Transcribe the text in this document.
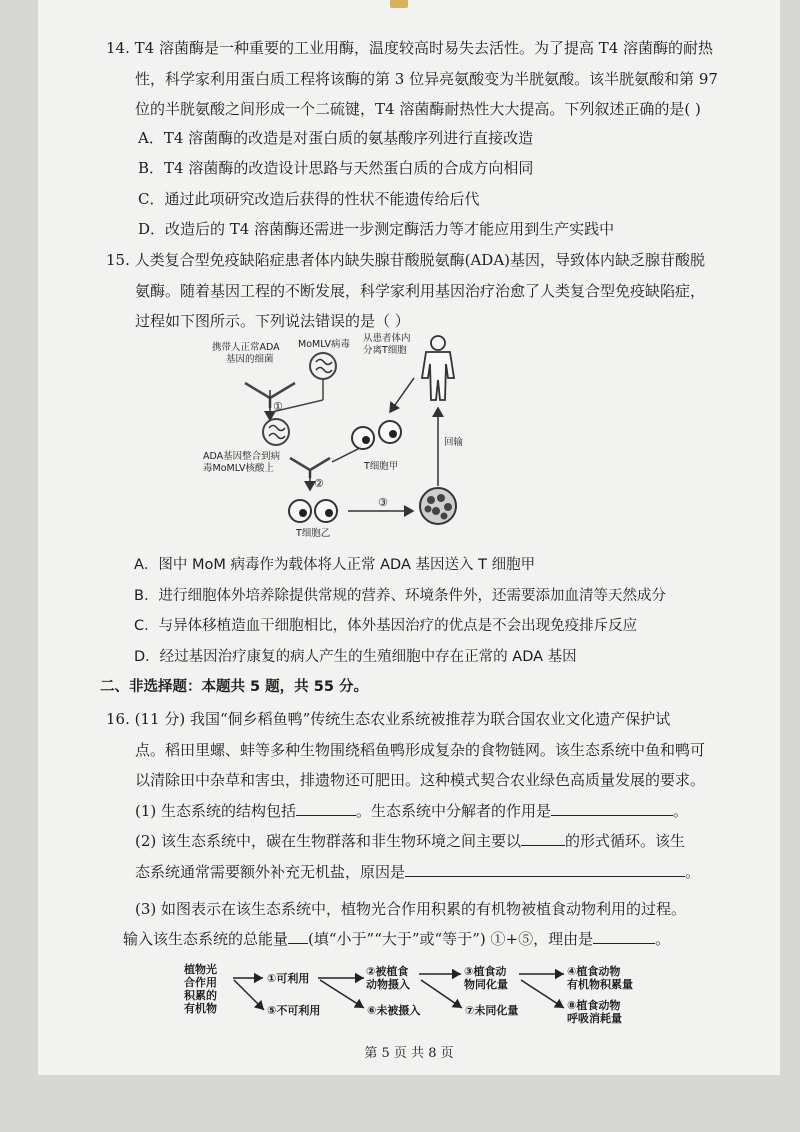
14. T4 溶菌酶是一种重要的工业用酶，温度较高时易失去活性。为了提高 T4 溶菌酶的耐热
性，科学家利用蛋白质工程将该酶的第 3 位异亮氨酸变为半胱氨酸。该半胱氨酸和第 97
位的半胱氨酸之间形成一个二硫键，T4 溶菌酶耐热性大大提高。下列叙述正确的是( )
A．T4 溶菌酶的改造是对蛋白质的氨基酸序列进行直接改造
B．T4 溶菌酶的改造设计思路与天然蛋白质的合成方向相同
C．通过此项研究改造后获得的性状不能遗传给后代
D．改造后的 T4 溶菌酶还需进一步测定酶活力等才能应用到生产实践中
15. 人类复合型免疫缺陷症患者体内缺失腺苷酸脱氨酶(ADA)基因，导致体内缺乏腺苷酸脱
氨酶。随着基因工程的不断发展，科学家利用基因治疗治愈了人类复合型免疫缺陷症，
过程如下图所示。下列说法错误的是（ ）
携带人正常ADA
基因的细菌
MoMLV病毒
从患者体内
分离T细胞
①
ADA基因整合到病
毒MoMLV核酸上
②
T细胞甲
③
T细胞乙
回输
A．图中 MoM 病毒作为载体将人正常 ADA 基因送入 T 细胞甲
B．进行细胞体外培养除提供常规的营养、环境条件外，还需要添加血清等天然成分
C．与异体移植造血干细胞相比，体外基因治疗的优点是不会出现免疫排斥反应
D．经过基因治疗康复的病人产生的生殖细胞中存在正常的 ADA 基因
二、非选择题：本题共 5 题，共 55 分。
16. (11 分) 我国“侗乡稻鱼鸭”传统生态农业系统被推荐为联合国农业文化遗产保护试
点。稻田里螺、蚌等多种生物围绕稻鱼鸭形成复杂的食物链网。该生态系统中鱼和鸭可
以清除田中杂草和害虫，排遗物还可肥田。这种模式契合农业绿色高质量发展的要求。
(1) 生态系统的结构包括	。生态系统中分解者的作用是	。
(2) 该生态系统中，碳在生物群落和非生物环境之间主要以	的形式循环。该生
态系统通常需要额外补充无机盐，原因是	。
(3) 如图表示在该生态系统中，植物光合作用积累的有机物被植食动物利用的过程。
输入该生态系统的总能量 (填“小于”“大于”或“等于”) ①+⑤，理由是	。
植物光
合作用
积累的
有机物
①可利用
⑤不可利用
②被植食
动物摄入
⑥未被摄入
③植食动
物同化量
⑦未同化量
④植食动物
有机物积累量
⑧植食动物
呼吸消耗量
第 5 页 共 8 页
